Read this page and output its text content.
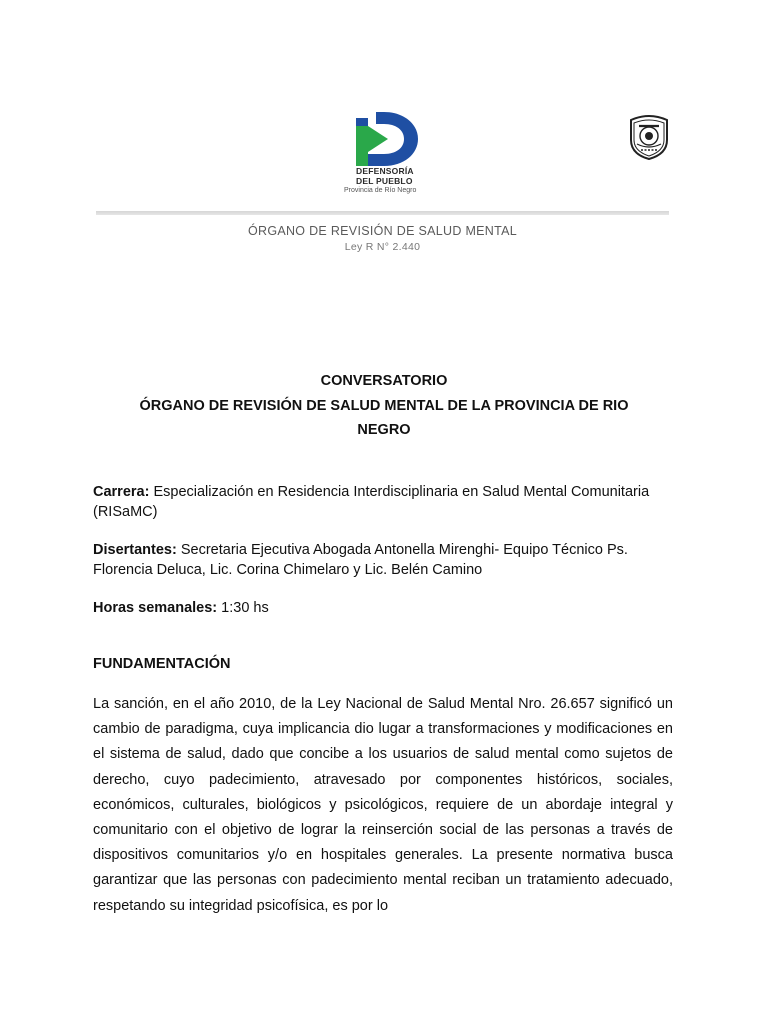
DEFENSORÍA
DEL PUEBLO
Provincia de Río Negro
ÓRGANO DE REVISIÓN DE SALUD MENTAL
Ley R N° 2.440
CONVERSATORIO
ÓRGANO DE REVISIÓN DE SALUD MENTAL DE LA PROVINCIA DE RIO
NEGRO
Carrera: Especialización en Residencia Interdisciplinaria en Salud Mental Comunitaria (RISaMC)
Disertantes: Secretaria Ejecutiva Abogada Antonella Mirenghi- Equipo Técnico Ps. Florencia Deluca, Lic. Corina Chimelaro y Lic. Belén Camino
Horas semanales: 1:30 hs
FUNDAMENTACIÓN
La sanción, en el año 2010, de la Ley Nacional de Salud Mental Nro. 26.657 significó un cambio de paradigma, cuya implicancia dio lugar a transformaciones y modificaciones en el sistema de salud, dado que concibe a los usuarios de salud mental como sujetos de derecho, cuyo padecimiento, atravesado por componentes históricos, sociales, económicos, culturales, biológicos y psicológicos, requiere de un abordaje integral y comunitario con el objetivo de lograr la reinserción social de las personas a través de dispositivos comunitarios y/o en hospitales generales. La presente normativa busca garantizar que las personas con padecimiento mental reciban un tratamiento adecuado, respetando su integridad psicofísica, es por lo
